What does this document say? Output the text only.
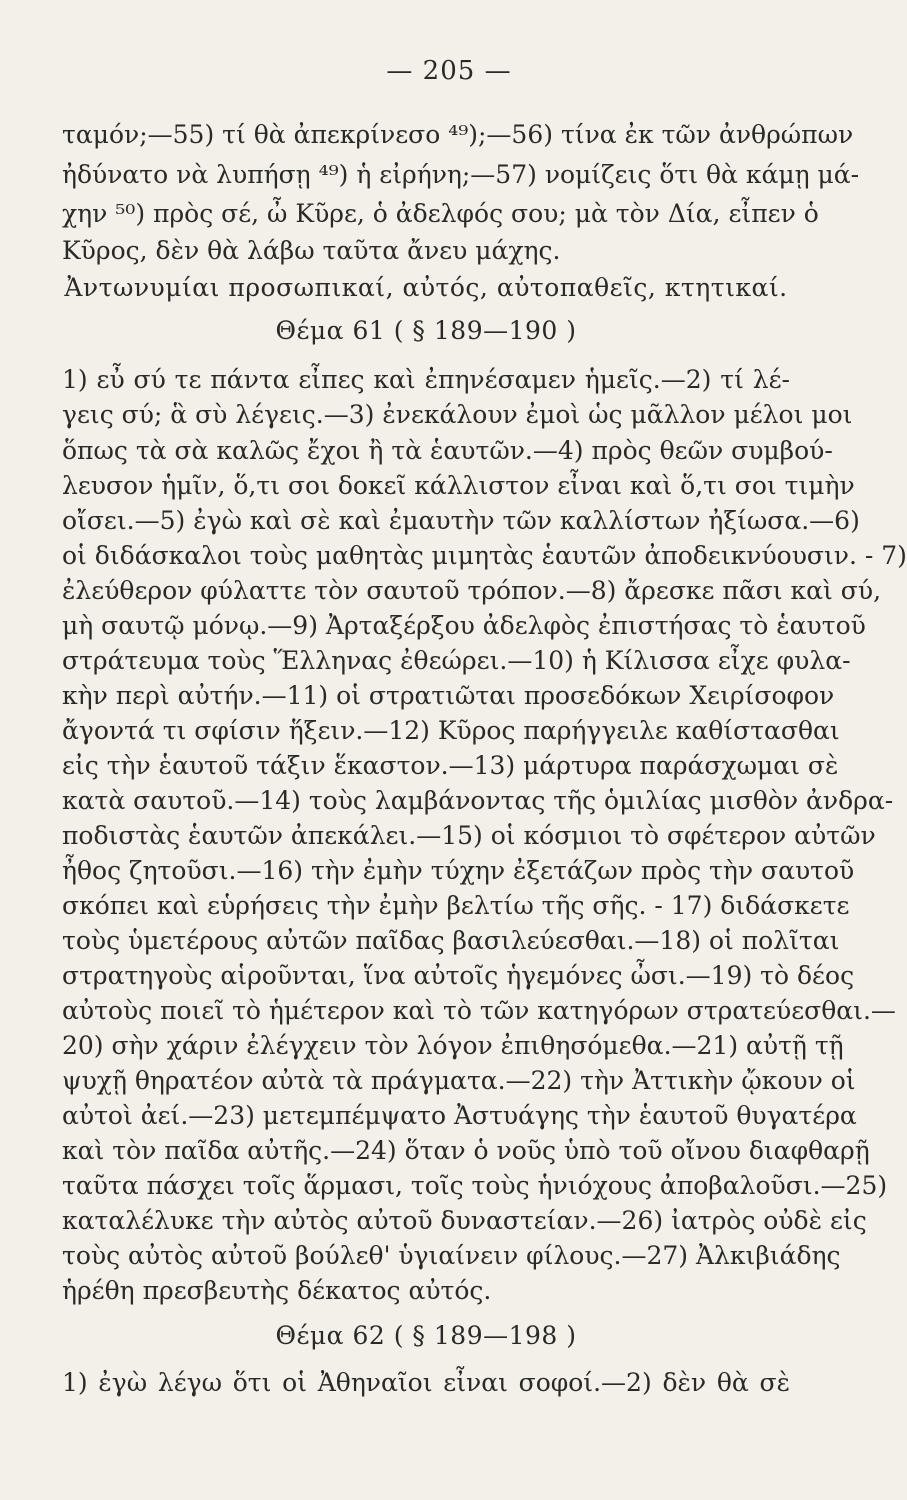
— 205 —
ταμόν;—55) τί θὰ ἀπεκρίνεσο ⁴⁹);—56) τίνα ἐκ τῶν ἀνθρώπων
ἠδύνατο νὰ λυπήσῃ ⁴⁹) ἡ εἰρήνη;—57) νομίζεις ὅτι θὰ κάμῃ μά-
χην ⁵⁰) πρὸς σέ, ὦ Κῦρε, ὁ ἀδελφός σου; μὰ τὸν Δία, εἶπεν ὁ
Κῦρος, δὲν θὰ λάβω ταῦτα ἄνευ μάχης.
Ἀντωνυμίαι προσωπικαί, αὐτός, αὐτοπαθεῖς, κτητικαί.
Θέμα 61 ( § 189—190 )
1) εὖ σύ τε πάντα εἶπες καὶ ἐπηνέσαμεν ἡμεῖς.—2) τί λέ-
γεις σύ; ἃ σὺ λέγεις.—3) ἐνεκάλουν ἐμοὶ ὡς μᾶλλον μέλοι μοι
ὅπως τὰ σὰ καλῶς ἔχοι ἢ τὰ ἑαυτῶν.—4) πρὸς θεῶν συμβού-
λευσον ἡμῖν, ὅ,τι σοι δοκεῖ κάλλιστον εἶναι καὶ ὅ,τι σοι τιμὴν
οἴσει.—5) ἐγὼ καὶ σὲ καὶ ἐμαυτὴν τῶν καλλίστων ἠξίωσα.—6)
οἱ διδάσκαλοι τοὺς μαθητὰς μιμητὰς ἑαυτῶν ἀποδεικνύουσιν. - 7)
ἐλεύθερον φύλαττε τὸν σαυτοῦ τρόπον.—8) ἄρεσκε πᾶσι καὶ σύ,
μὴ σαυτῷ μόνῳ.—9) Ἀρταξέρξου ἀδελφὸς ἐπιστήσας τὸ ἑαυτοῦ
στράτευμα τοὺς Ἕλληνας ἐθεώρει.—10) ἡ Κίλισσα εἶχε φυλα-
κὴν περὶ αὐτήν.—11) οἱ στρατιῶται προσεδόκων Χειρίσοφον
ἄγοντά τι σφίσιν ἥξειν.—12) Κῦρος παρήγγειλε καθίστασθαι
εἰς τὴν ἑαυτοῦ τάξιν ἕκαστον.—13) μάρτυρα παράσχωμαι σὲ
κατὰ σαυτοῦ.—14) τοὺς λαμβάνοντας τῆς ὁμιλίας μισθὸν ἀνδρα-
ποδιστὰς ἑαυτῶν ἀπεκάλει.—15) οἱ κόσμιοι τὸ σφέτερον αὐτῶν
ἦθος ζητοῦσι.—16) τὴν ἐμὴν τύχην ἐξετάζων πρὸς τὴν σαυτοῦ
σκόπει καὶ εὑρήσεις τὴν ἐμὴν βελτίω τῆς σῆς. - 17) διδάσκετε
τοὺς ὑμετέρους αὐτῶν παῖδας βασιλεύεσθαι.—18) οἱ πολῖται
στρατηγοὺς αἱροῦνται, ἵνα αὐτοῖς ἡγεμόνες ὦσι.—19) τὸ δέος
αὐτοὺς ποιεῖ τὸ ἡμέτερον καὶ τὸ τῶν κατηγόρων στρατεύεσθαι.—
20) σὴν χάριν ἐλέγχειν τὸν λόγον ἐπιθησόμεθα.—21) αὐτῇ τῇ
ψυχῇ θηρατέον αὐτὰ τὰ πράγματα.—22) τὴν Ἀττικὴν ᾤκουν οἱ
αὐτοὶ ἀεί.—23) μετεμπέμψατο Ἀστυάγης τὴν ἑαυτοῦ θυγατέρα
καὶ τὸν παῖδα αὐτῆς.—24) ὅταν ὁ νοῦς ὑπὸ τοῦ οἴνου διαφθαρῇ
ταῦτα πάσχει τοῖς ἅρμασι, τοῖς τοὺς ἡνιόχους ἀποβαλοῦσι.—25)
καταλέλυκε τὴν αὐτὸς αὐτοῦ δυναστείαν.—26) ἰατρὸς οὐδὲ εἰς
τοὺς αὐτὸς αὐτοῦ βούλεθ' ὑγιαίνειν φίλους.—27) Ἀλκιβιάδης
ἡρέθη πρεσβευτὴς δέκατος αὐτός.
Θέμα 62 ( § 189—198 )
1) ἐγὼ λέγω ὅτι οἱ Ἀθηναῖοι εἶναι σοφοί.—2) δὲν θὰ σὲ
